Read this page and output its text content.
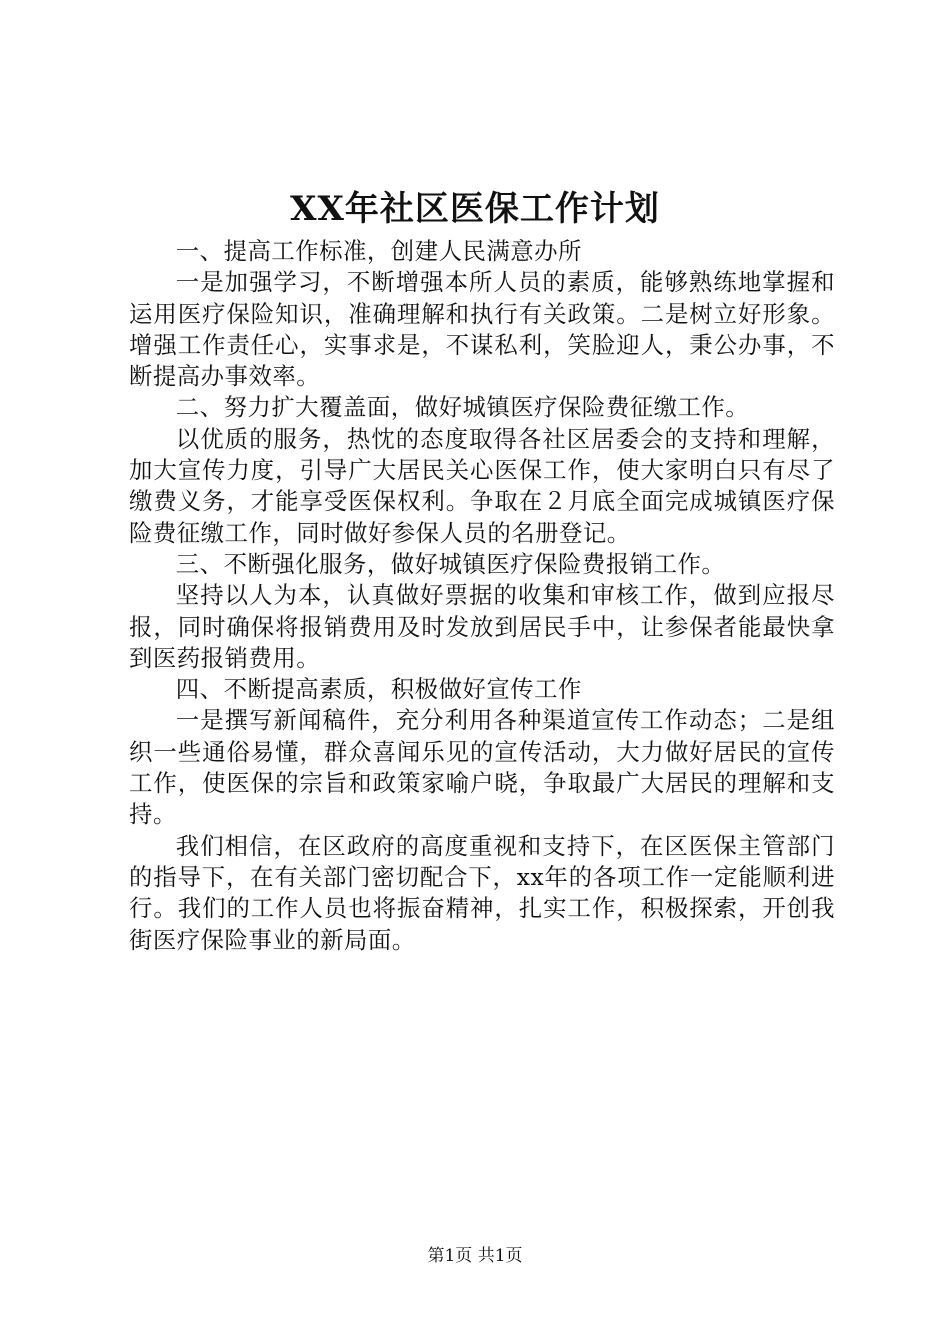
XX年社区医保工作计划

一、提高工作标准，创建人民满意办所

一是加强学习，不断增强本所人员的素质，能够熟练地掌握和运用医疗保险知识，准确理解和执行有关政策。二是树立好形象。增强工作责任心，实事求是，不谋私利，笑脸迎人，秉公办事，不断提高办事效率。

二、努力扩大覆盖面，做好城镇医疗保险费征缴工作。

以优质的服务，热忱的态度取得各社区居委会的支持和理解，加大宣传力度，引导广大居民关心医保工作，使大家明白只有尽了缴费义务，才能享受医保权利。争取在２月底全面完成城镇医疗保险费征缴工作，同时做好参保人员的名册登记。

三、不断强化服务，做好城镇医疗保险费报销工作。

坚持以人为本，认真做好票据的收集和审核工作，做到应报尽报，同时确保将报销费用及时发放到居民手中，让参保者能最快拿到医药报销费用。

四、不断提高素质，积极做好宣传工作

一是撰写新闻稿件，充分利用各种渠道宣传工作动态；二是组织一些通俗易懂，群众喜闻乐见的宣传活动，大力做好居民的宣传工作，使医保的宗旨和政策家喻户晓，争取最广大居民的理解和支持。

我们相信，在区政府的高度重视和支持下，在区医保主管部门的指导下，在有关部门密切配合下，xx年的各项工作一定能顺利进行。我们的工作人员也将振奋精神，扎实工作，积极探索，开创我街医疗保险事业的新局面。

第1页 共1页
